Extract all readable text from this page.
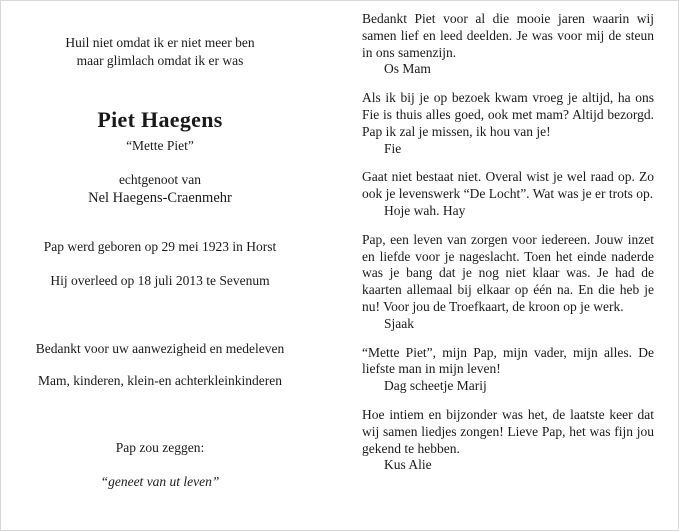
Huil niet omdat ik er niet meer ben
maar glimlach omdat ik er was
Piet Haegens
“Mette Piet”
echtgenoot van
Nel Haegens-Craenmehr
Pap werd geboren op 29 mei 1923 in Horst
Hij overleed op 18 juli 2013 te Sevenum
Bedankt voor uw aanwezigheid en medeleven
Mam, kinderen, klein-en achterkleinkinderen
Pap zou zeggen:
“geneet van ut leven”
Bedankt Piet voor al die mooie jaren waarin wij samen lief en leed deelden. Je was voor mij de steun in ons samenzijn.
Os Mam
Als ik bij je op bezoek kwam vroeg je altijd, ha ons Fie is thuis alles goed, ook met mam? Altijd bezorgd. Pap ik zal je missen, ik hou van je!
Fie
Gaat niet bestaat niet. Overal wist je wel raad op. Zo ook je levenswerk “De Locht”. Wat was je er trots op.
Hoje wah. Hay
Pap, een leven van zorgen voor iedereen. Jouw inzet en liefde voor je nageslacht. Toen het einde naderde was je bang dat je nog niet klaar was. Je had de kaarten allemaal bij elkaar op één na. En die heb je nu! Voor jou de Troefkaart, de kroon op je werk.
Sjaak
“Mette Piet”, mijn Pap, mijn vader, mijn alles. De liefste man in mijn leven!
Dag scheetje Marij
Hoe intiem en bijzonder was het, de laatste keer dat wij samen liedjes zongen! Lieve Pap, het was fijn jou gekend te hebben.
Kus Alie
